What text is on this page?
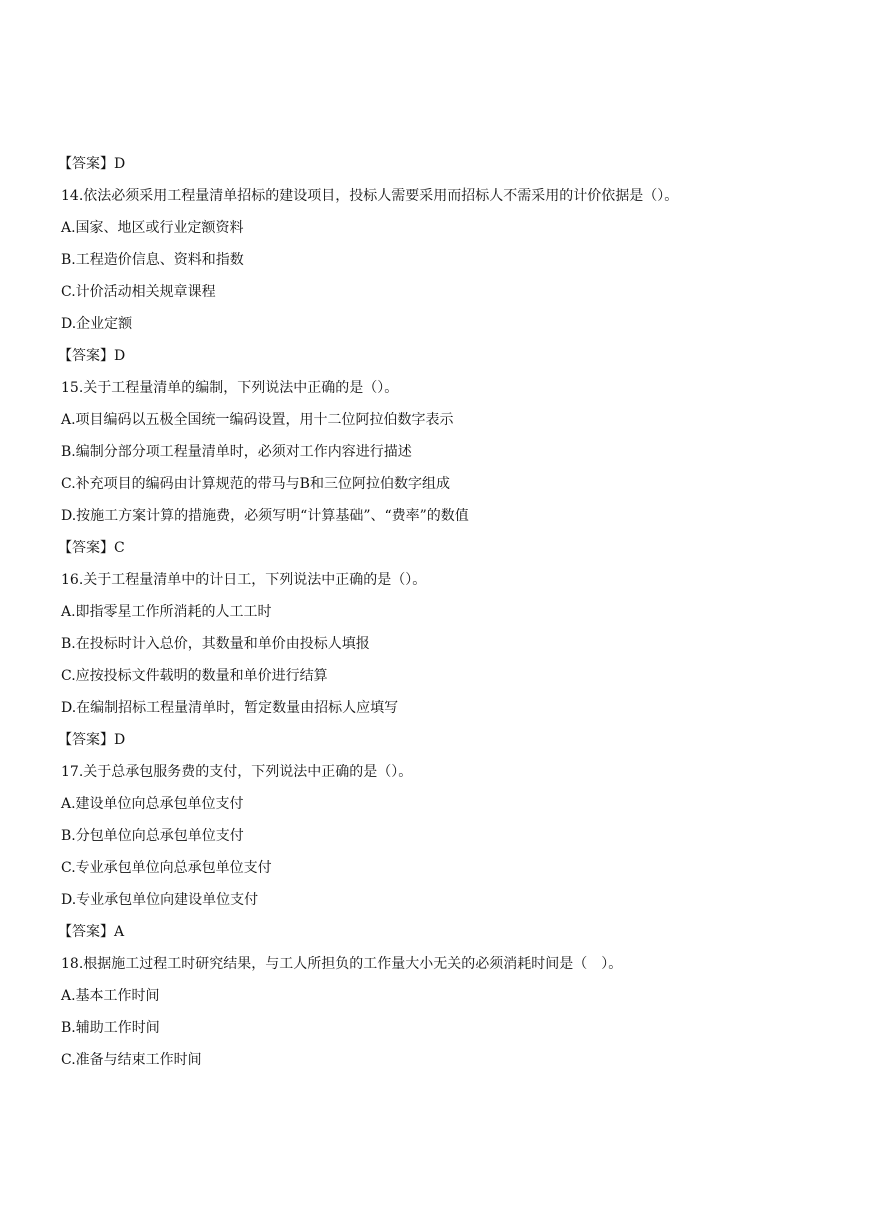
【答案】D
14.依法必须采用工程量清单招标的建设项目，投标人需要采用而招标人不需采用的计价依据是（）。
A.国家、地区或行业定额资料
B.工程造价信息、资料和指数
C.计价活动相关规章课程
D.企业定额
【答案】D
15.关于工程量清单的编制，下列说法中正确的是（）。
A.项目编码以五极全国统一编码设置，用十二位阿拉伯数字表示
B.编制分部分项工程量清单时，必须对工作内容进行描述
C.补充项目的编码由计算规范的带马与B和三位阿拉伯数字组成
D.按施工方案计算的措施费，必须写明“计算基础”、“费率”的数值
【答案】C
16.关于工程量清单中的计日工，下列说法中正确的是（）。
A.即指零星工作所消耗的人工工时
B.在投标时计入总价，其数量和单价由投标人填报
C.应按投标文件载明的数量和单价进行结算
D.在编制招标工程量清单时，暂定数量由招标人应填写
【答案】D
17.关于总承包服务费的支付，下列说法中正确的是（）。
A.建设单位向总承包单位支付
B.分包单位向总承包单位支付
C.专业承包单位向总承包单位支付
D.专业承包单位向建设单位支付
【答案】A
18.根据施工过程工时研究结果，与工人所担负的工作量大小无关的必须消耗时间是（　）。
A.基本工作时间
B.辅助工作时间
C.准备与结束工作时间
